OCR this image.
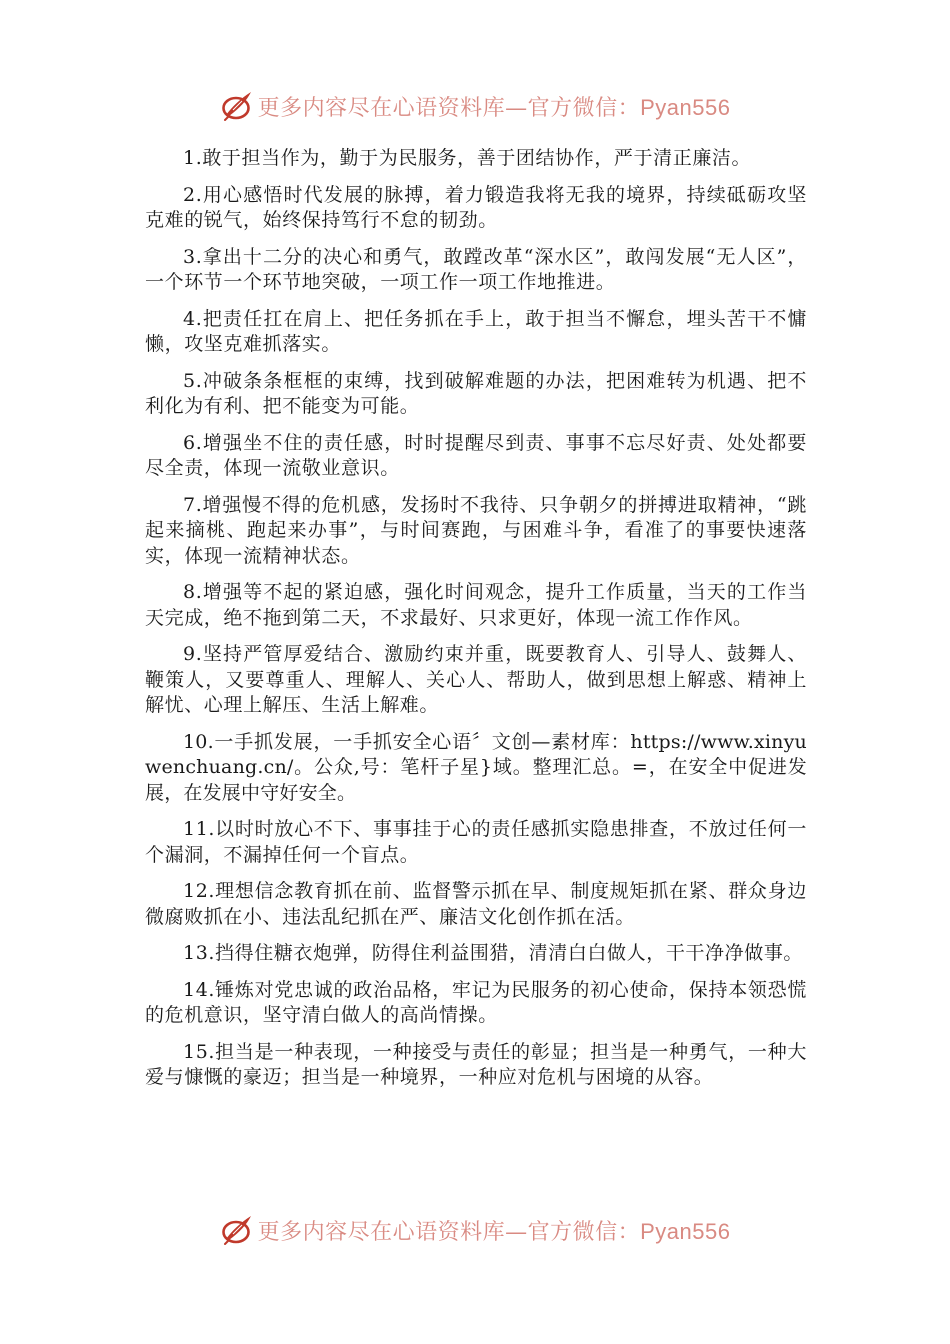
更多内容尽在心语资料库—官方微信：Pyan556

1.敢于担当作为，勤于为民服务，善于团结协作，严于清正廉洁。

2.用心感悟时代发展的脉搏，着力锻造我将无我的境界，持续砥砺攻坚克难的锐气，始终保持笃行不怠的韧劲。

3.拿出十二分的决心和勇气，敢蹚改革“深水区”，敢闯发展“无人区”，一个环节一个环节地突破，一项工作一项工作地推进。

4.把责任扛在肩上、把任务抓在手上，敢于担当不懈怠，埋头苦干不慵懒，攻坚克难抓落实。

5.冲破条条框框的束缚，找到破解难题的办法，把困难转为机遇、把不利化为有利、把不能变为可能。

6.增强坐不住的责任感，时时提醒尽到责、事事不忘尽好责、处处都要尽全责，体现一流敬业意识。

7.增强慢不得的危机感，发扬时不我待、只争朝夕的拼搏进取精神，“跳起来摘桃、跑起来办事”，与时间赛跑，与困难斗争，看准了的事要快速落实，体现一流精神状态。

8.增强等不起的紧迫感，强化时间观念，提升工作质量，当天的工作当天完成，绝不拖到第二天，不求最好、只求更好，体现一流工作作风。

9.坚持严管厚爱结合、激励约束并重，既要教育人、引导人、鼓舞人、鞭策人，又要尊重人、理解人、关心人、帮助人，做到思想上解惑、精神上解忧、心理上解压、生活上解难。

10.一手抓发展，一手抓安全心语〞文创—素材库：https://www.xinyuwenchuang.cn/。公众,号：笔杆子星}域。整理汇总。=，在安全中促进发展，在发展中守好安全。

11.以时时放心不下、事事挂于心的责任感抓实隐患排查，不放过任何一个漏洞，不漏掉任何一个盲点。

12.理想信念教育抓在前、监督警示抓在早、制度规矩抓在紧、群众身边微腐败抓在小、违法乱纪抓在严、廉洁文化创作抓在活。

13.挡得住糖衣炮弹，防得住利益围猎，清清白白做人，干干净净做事。

14.锤炼对党忠诚的政治品格，牢记为民服务的初心使命，保持本领恐慌的危机意识，坚守清白做人的高尚情操。

15.担当是一种表现，一种接受与责任的彰显；担当是一种勇气，一种大爱与慷慨的豪迈；担当是一种境界，一种应对危机与困境的从容。

更多内容尽在心语资料库—官方微信：Pyan556
